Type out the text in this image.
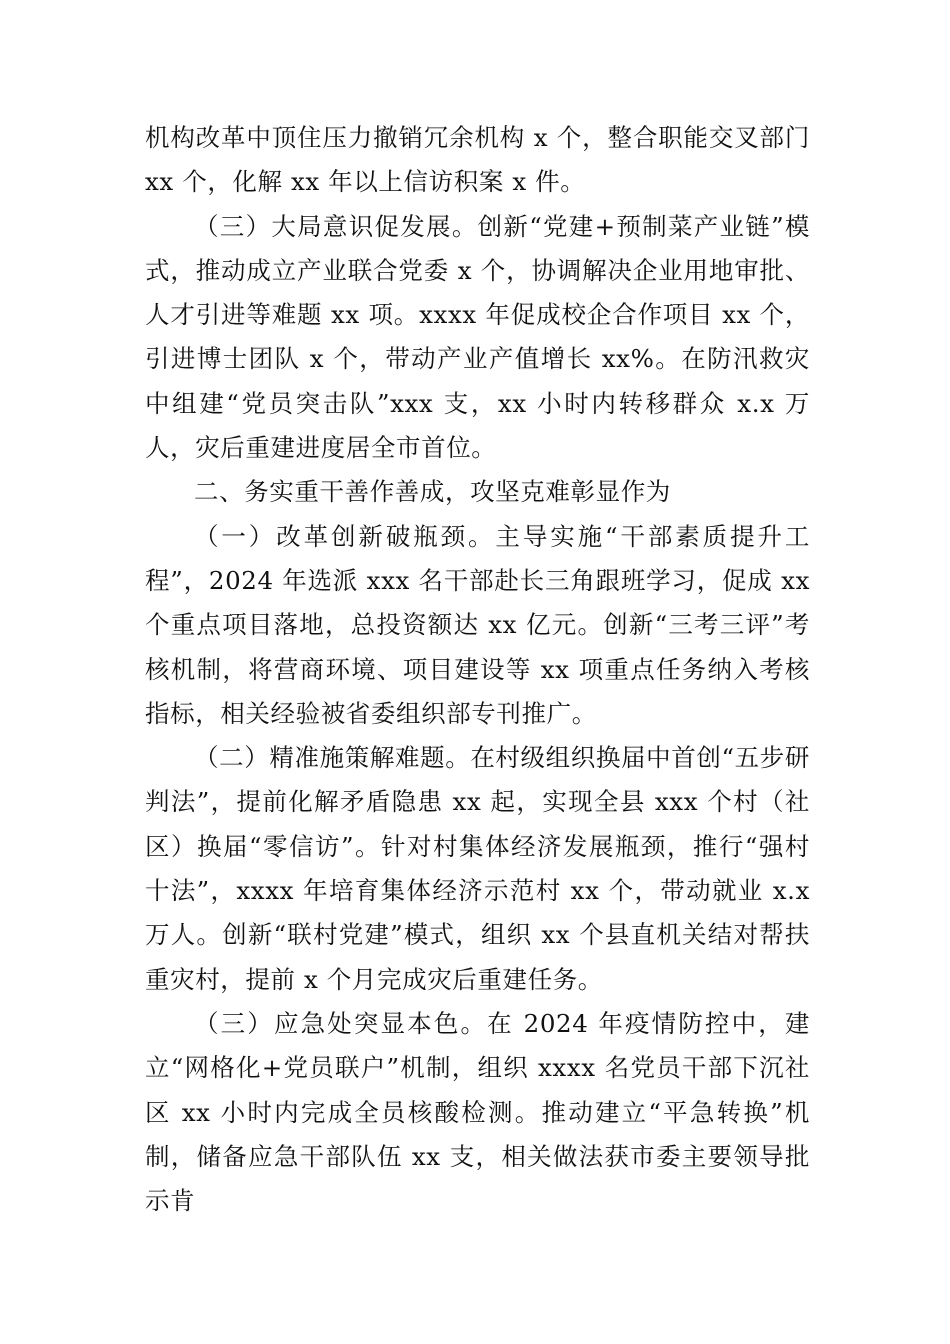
机构改革中顶住压力撤销冗余机构 x 个，整合职能交叉部门 xx 个，化解 xx 年以上信访积案 x 件。

（三）大局意识促发展。创新“党建+预制菜产业链”模式，推动成立产业联合党委 x 个，协调解决企业用地审批、人才引进等难题 xx 项。xxxx 年促成校企合作项目 xx 个，引进博士团队 x 个，带动产业产值增长 xx%。在防汛救灾中组建“党员突击队”xxx 支，xx 小时内转移群众 x.x 万人，灾后重建进度居全市首位。

二、务实重干善作善成，攻坚克难彰显作为

（一）改革创新破瓶颈。主导实施“干部素质提升工程”，2024 年选派 xxx 名干部赴长三角跟班学习，促成 xx 个重点项目落地，总投资额达 xx 亿元。创新“三考三评”考核机制，将营商环境、项目建设等 xx 项重点任务纳入考核指标，相关经验被省委组织部专刊推广。

（二）精准施策解难题。在村级组织换届中首创“五步研判法”，提前化解矛盾隐患 xx 起，实现全县 xxx 个村（社区）换届“零信访”。针对村集体经济发展瓶颈，推行“强村十法”，xxxx 年培育集体经济示范村 xx 个，带动就业 x.x 万人。创新“联村党建”模式，组织 xx 个县直机关结对帮扶重灾村，提前 x 个月完成灾后重建任务。

（三）应急处突显本色。在 2024 年疫情防控中，建立“网格化+党员联户”机制，组织 xxxx 名党员干部下沉社区 xx 小时内完成全员核酸检测。推动建立“平急转换”机制，储备应急干部队伍 xx 支，相关做法获市委主要领导批示肯
